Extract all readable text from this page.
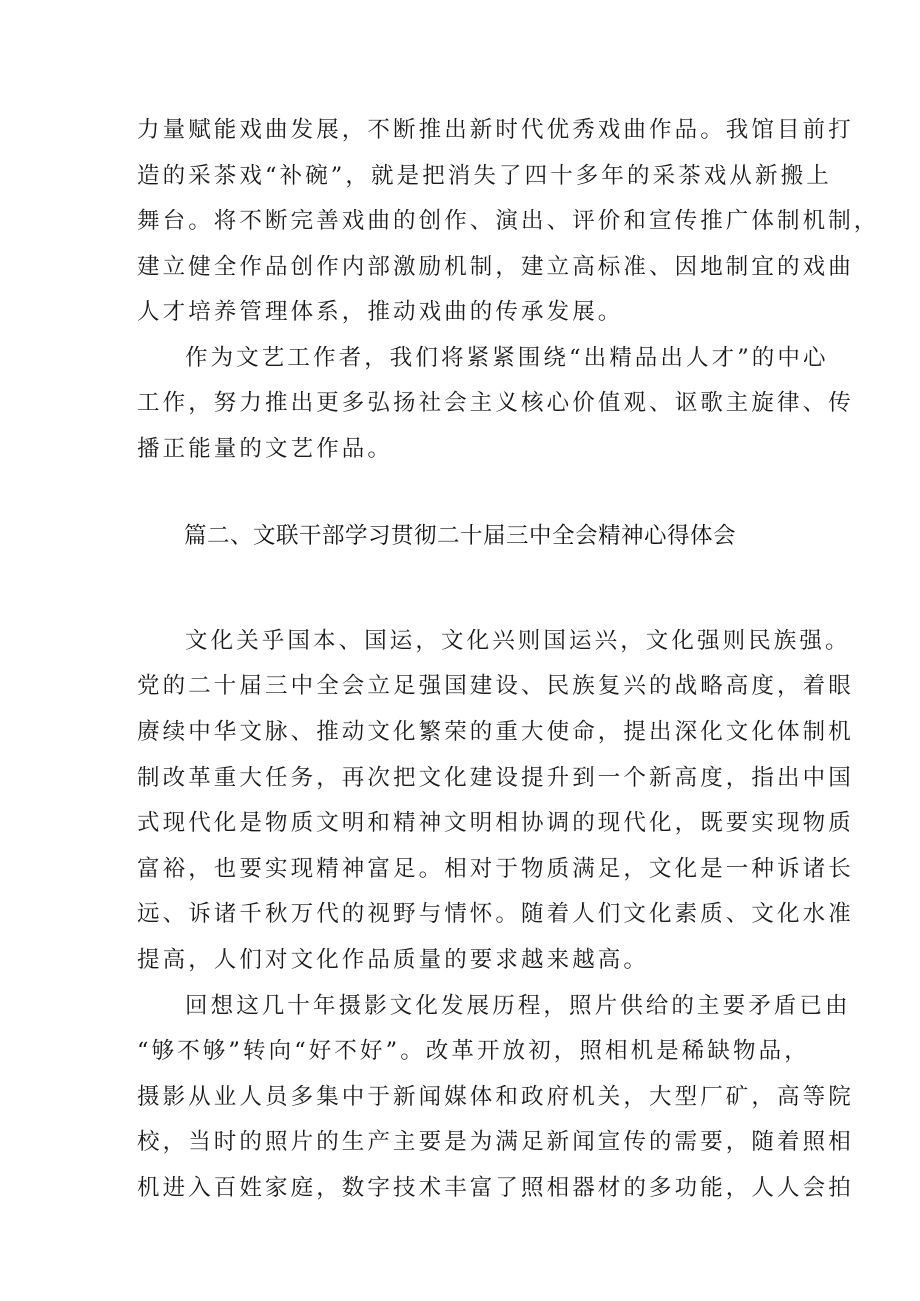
力量赋能戏曲发展，不断推出新时代优秀戏曲作品。我馆目前打
造的采茶戏“补碗”，就是把消失了四十多年的采茶戏从新搬上
舞台。将不断完善戏曲的创作、演出、评价和宣传推广体制机制，
建立健全作品创作内部激励机制，建立高标准、因地制宜的戏曲
人才培养管理体系，推动戏曲的传承发展。
作为文艺工作者，我们将紧紧围绕“出精品出人才”的中心
工作，努力推出更多弘扬社会主义核心价值观、讴歌主旋律、传
播正能量的文艺作品。
篇二、文联干部学习贯彻二十届三中全会精神心得体会
文化关乎国本、国运，文化兴则国运兴，文化强则民族强。
党的二十届三中全会立足强国建设、民族复兴的战略高度，着眼
赓续中华文脉、推动文化繁荣的重大使命，提出深化文化体制机
制改革重大任务，再次把文化建设提升到一个新高度，指出中国
式现代化是物质文明和精神文明相协调的现代化，既要实现物质
富裕，也要实现精神富足。相对于物质满足，文化是一种诉诸长
远、诉诸千秋万代的视野与情怀。随着人们文化素质、文化水准
提高，人们对文化作品质量的要求越来越高。
回想这几十年摄影文化发展历程，照片供给的主要矛盾已由
“够不够”转向“好不好”。改革开放初，照相机是稀缺物品，
摄影从业人员多集中于新闻媒体和政府机关，大型厂矿，高等院
校，当时的照片的生产主要是为满足新闻宣传的需要，随着照相
机进入百姓家庭，数字技术丰富了照相器材的多功能，人人会拍
